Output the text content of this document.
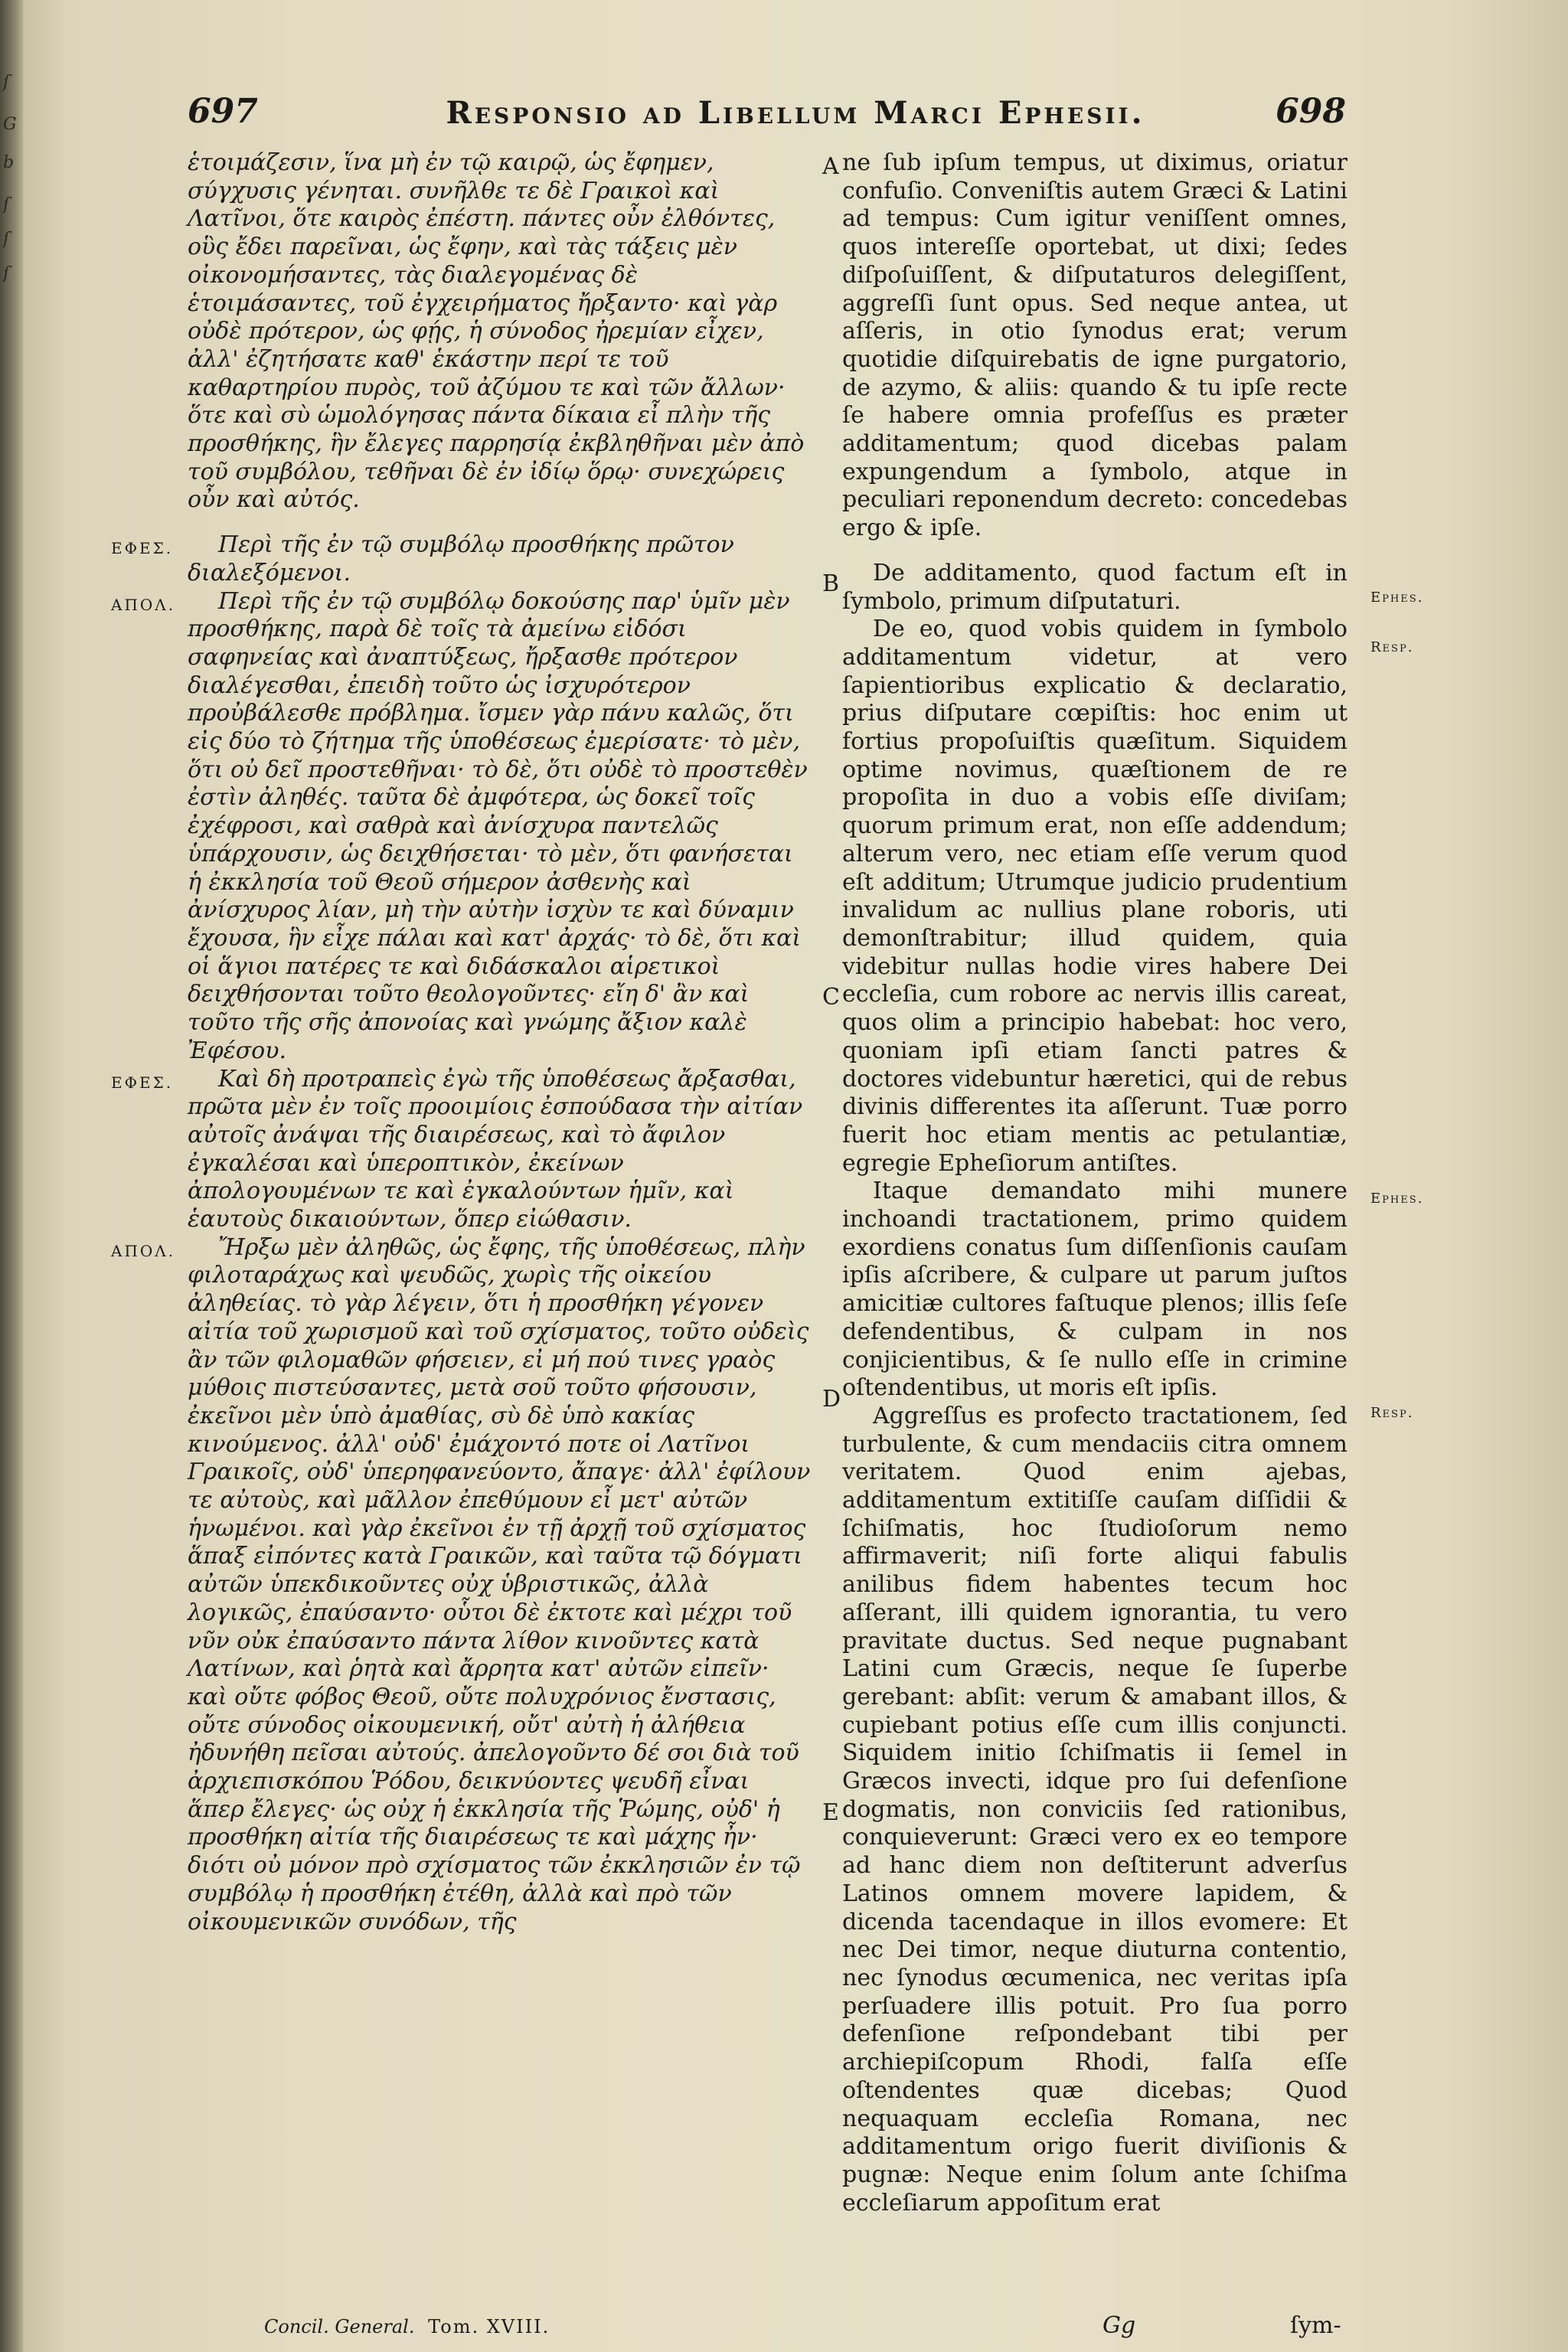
ſ
G
b
ſ
ſ
ſ
697	Responsio ad Libellum Marci Ephesii.	698

ἑτοιμάζεσιν, ἵνα μὴ ἐν τῷ καιρῷ, ὡς ἔφημεν, σύγχυσις γένηται. συνῆλθε τε δὲ Γραικοὶ καὶ Λατῖνοι, ὅτε καιρὸς ἐπέστη. πάντες οὖν ἐλθόντες, οὓς ἔδει παρεῖναι, ὡς ἔφην, καὶ τὰς τάξεις μὲν οἰκονομήσαντες, τὰς διαλεγομένας δὲ ἑτοιμάσαντες, τοῦ ἐγχειρήματος ἤρξαντο· καὶ γὰρ οὐδὲ πρότερον, ὡς φῄς, ἡ σύνοδος ἠρεμίαν εἶχεν, ἀλλ' ἐζητήσατε καθ' ἑκάστην περί τε τοῦ καθαρτηρίου πυρὸς, τοῦ ἀζύμου τε καὶ τῶν ἄλλων· ὅτε καὶ σὺ ὡμολόγησας πάντα δίκαια εἶ πλὴν τῆς προσθήκης, ἣν ἔλεγες παρρησίᾳ ἐκβληθῆναι μὲν ἀπὸ τοῦ συμβόλου, τεθῆναι δὲ ἐν ἰδίῳ ὅρῳ· συνεχώρεις οὖν καὶ αὐτός.

ΕΦΕΣ.	Περὶ τῆς ἐν τῷ συμβόλῳ προσθήκης πρῶτον διαλεξόμενοι.

ΑΠΟΛ.	Περὶ τῆς ἐν τῷ συμβόλῳ δοκούσης παρ' ὑμῖν μὲν προσθήκης, παρὰ δὲ τοῖς τὰ ἀμείνω εἰδόσι σαφηνείας καὶ ἀναπτύξεως, ἤρξασθε πρότερον διαλέγεσθαι, ἐπειδὴ τοῦτο ὡς ἰσχυρότερον προὐβάλεσθε πρόβλημα. ἴσμεν γὰρ πάνυ καλῶς, ὅτι εἰς δύο τὸ ζήτημα τῆς ὑποθέσεως ἐμερίσατε· τὸ μὲν, ὅτι οὐ δεῖ προστεθῆναι· τὸ δὲ, ὅτι οὐδὲ τὸ προστεθὲν ἐστὶν ἀληθές. ταῦτα δὲ ἀμφότερα, ὡς δοκεῖ τοῖς ἐχέφροσι, καὶ σαθρὰ καὶ ἀνίσχυρα παντελῶς ὑπάρχουσιν, ὡς δειχθήσεται· τὸ μὲν, ὅτι φανήσεται ἡ ἐκκλησία τοῦ Θεοῦ σήμερον ἀσθενὴς καὶ ἀνίσχυρος λίαν, μὴ τὴν αὐτὴν ἰσχὺν τε καὶ δύναμιν ἔχουσα, ἣν εἶχε πάλαι καὶ κατ' ἀρχάς· τὸ δὲ, ὅτι καὶ οἱ ἅγιοι πατέρες τε καὶ διδάσκαλοι αἱρετικοὶ δειχθήσονται τοῦτο θεολογοῦντες· εἴη δ' ἂν καὶ τοῦτο τῆς σῆς ἀπονοίας καὶ γνώμης ἄξιον καλὲ Ἐφέσου.

ΕΦΕΣ.	Καὶ δὴ προτραπεὶς ἐγὼ τῆς ὑποθέσεως ἄρξασθαι, πρῶτα μὲν ἐν τοῖς προοιμίοις ἐσπούδασα τὴν αἰτίαν αὐτοῖς ἀνάψαι τῆς διαιρέσεως, καὶ τὸ ἄφιλον ἐγκαλέσαι καὶ ὑπεροπτικὸν, ἐκείνων ἀπολογουμένων τε καὶ ἐγκαλούντων ἡμῖν, καὶ ἑαυτοὺς δικαιούντων, ὅπερ εἰώθασιν.

ΑΠΟΛ.	Ἤρξω μὲν ἀληθῶς, ὡς ἔφης, τῆς ὑποθέσεως, πλὴν φιλοταράχως καὶ ψευδῶς, χωρὶς τῆς οἰκείου ἀληθείας. τὸ γὰρ λέγειν, ὅτι ἡ προσθήκη γέγονεν αἰτία τοῦ χωρισμοῦ καὶ τοῦ σχίσματος, τοῦτο οὐδεὶς ἂν τῶν φιλομαθῶν φήσειεν, εἰ μή πού τινες γραὸς μύθοις πιστεύσαντες, μετὰ σοῦ τοῦτο φήσουσιν, ἐκεῖνοι μὲν ὑπὸ ἀμαθίας, σὺ δὲ ὑπὸ κακίας κινούμενος. ἀλλ' οὐδ' ἐμάχοντό ποτε οἱ Λατῖνοι Γραικοῖς, οὐδ' ὑπερηφανεύοντο, ἄπαγε· ἀλλ' ἐφίλουν τε αὐτοὺς, καὶ μᾶλλον ἐπεθύμουν εἶ μετ' αὐτῶν ἡνωμένοι. καὶ γὰρ ἐκεῖνοι ἐν τῇ ἀρχῇ τοῦ σχίσματος ἅπαξ εἰπόντες κατὰ Γραικῶν, καὶ ταῦτα τῷ δόγματι αὐτῶν ὑπεκδικοῦντες οὐχ ὑβριστικῶς, ἀλλὰ λογικῶς, ἐπαύσαντο· οὗτοι δὲ ἐκτοτε καὶ μέχρι τοῦ νῦν οὐκ ἐπαύσαντο πάντα λίθον κινοῦντες κατὰ Λατίνων, καὶ ῥητὰ καὶ ἄρρητα κατ' αὐτῶν εἰπεῖν· καὶ οὔτε φόβος Θεοῦ, οὔτε πολυχρόνιος ἔνστασις, οὔτε σύνοδος οἰκουμενική, οὔτ' αὐτὴ ἡ ἀλήθεια ἠδυνήθη πεῖσαι αὐτούς. ἀπελογοῦντο δέ σοι διὰ τοῦ ἀρχιεπισκόπου Ῥόδου, δεικνύοντες ψευδῆ εἶναι ἅπερ ἔλεγες· ὡς οὐχ ἡ ἐκκλησία τῆς Ῥώμης, οὐδ' ἡ προσθήκη αἰτία τῆς διαιρέσεως τε καὶ μάχης ἦν· διότι οὐ μόνον πρὸ σχίσματος τῶν ἐκκλησιῶν ἐν τῷ συμβόλῳ ἡ προσθήκη ἐτέθη, ἀλλὰ καὶ πρὸ τῶν οἰκουμενικῶν συνόδων, τῆς

A
B
C
D
E

ne ſub ipſum tempus, ut diximus, oriatur confuſio. Conveniſtis autem Græci & Latini ad tempus: Cum igitur veniſſent omnes, quos intereſſe oportebat, ut dixi; ſedes diſpoſuiſſent, & diſputaturos delegiſſent, aggreſſi ſunt opus. Sed neque antea, ut aſſeris, in otio ſynodus erat; verum quotidie diſquirebatis de igne purgatorio, de azymo, & aliis: quando & tu ipſe recte ſe habere omnia profeſſus es præter additamentum; quod dicebas palam expungendum a ſymbolo, atque in peculiari reponendum decreto: concedebas ergo & ipſe.

De additamento, quod factum eſt in ſymbolo, primum diſputaturi.

De eo, quod vobis quidem in ſymbolo additamentum videtur, at vero ſapientioribus explicatio & declaratio, prius diſputare cœpiſtis: hoc enim ut fortius propoſuiſtis quæſitum. Siquidem optime novimus, quæſtionem de re propoſita in duo a vobis eſſe diviſam; quorum primum erat, non eſſe addendum; alterum vero, nec etiam eſſe verum quod eſt additum; Utrumque judicio prudentium invalidum ac nullius plane roboris, uti demonſtrabitur; illud quidem, quia videbitur nullas hodie vires habere Dei eccleſia, cum robore ac nervis illis careat, quos olim a principio habebat: hoc vero, quoniam ipſi etiam ſancti patres & doctores videbuntur hæretici, qui de rebus divinis differentes ita aſſerunt. Tuæ porro fuerit hoc etiam mentis ac petulantiæ, egregie Epheſiorum antiſtes.

Itaque demandato mihi munere inchoandi tractationem, primo quidem exordiens conatus ſum diſſenſionis cauſam ipſis aſcribere, & culpare ut parum juſtos amicitiæ cultores faſtuque plenos; illis ſeſe defendentibus, & culpam in nos conjicientibus, & ſe nullo eſſe in crimine oſtendentibus, ut moris eſt ipſis.

Aggreſſus es profecto tractationem, ſed turbulente, & cum mendaciis citra omnem veritatem. Quod enim ajebas, additamentum extitiſſe cauſam diſſidii & ſchiſmatis, hoc ſtudioſorum nemo affirmaverit; niſi forte aliqui fabulis anilibus fidem habentes tecum hoc aſſerant, illi quidem ignorantia, tu vero pravitate ductus. Sed neque pugnabant Latini cum Græcis, neque ſe ſuperbe gerebant: abſit: verum & amabant illos, & cupiebant potius eſſe cum illis conjuncti. Siquidem initio ſchiſmatis ii ſemel in Græcos invecti, idque pro ſui defenſione dogmatis, non conviciis ſed rationibus, conquieverunt: Græci vero ex eo tempore ad hanc diem non deſtiterunt adverſus Latinos omnem movere lapidem, & dicenda tacendaque in illos evomere: Et nec Dei timor, neque diuturna contentio, nec ſynodus œcumenica, nec veritas ipſa perſuadere illis potuit. Pro ſua porro defenſione reſpondebant tibi per archiepiſcopum Rhodi, falſa eſſe oſtendentes quæ dicebas; Quod nequaquam eccleſia Romana, nec additamentum origo fuerit diviſionis & pugnæ: Neque enim ſolum ante ſchiſma eccleſiarum appoſitum erat

Ephes.
Resp.
Ephes.
Resp.
Concil. General. Tom. XVIII.	Gg	ſym-
